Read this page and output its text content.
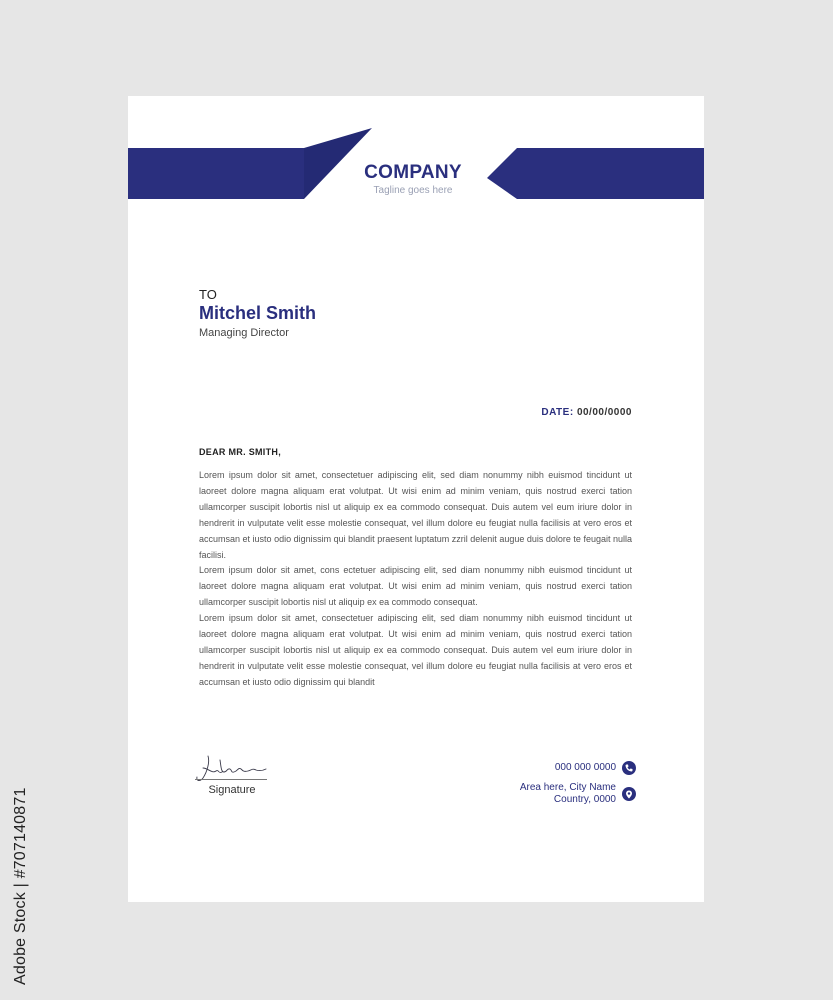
Adobe Stock | #707140871
COMPANY
Tagline goes here
TO
Mitchel Smith
Managing Director
DATE: 00/00/0000
DEAR MR. SMITH,

Lorem ipsum dolor sit amet, consectetuer adipiscing elit, sed diam nonummy nibh euismod tincidunt ut laoreet dolore magna aliquam erat volutpat. Ut wisi enim ad minim veniam, quis nostrud exerci tation ullamcorper suscipit lobortis nisl ut aliquip ex ea commodo consequat. Duis autem vel eum iriure dolor in hendrerit in vulputate velit esse molestie consequat, vel illum dolore eu feugiat nulla facilisis at vero eros et accumsan et iusto odio dignissim qui blandit praesent luptatum zzril delenit augue duis dolore te feugait nulla facilisi.

Lorem ipsum dolor sit amet, cons ectetuer adipiscing elit, sed diam nonummy nibh euismod tincidunt ut laoreet dolore magna aliquam erat volutpat. Ut wisi enim ad minim veniam, quis nostrud exerci tation ullamcorper suscipit lobortis nisl ut aliquip ex ea commodo consequat.

Lorem ipsum dolor sit amet, consectetuer adipiscing elit, sed diam nonummy nibh euismod tincidunt ut laoreet dolore magna aliquam erat volutpat. Ut wisi enim ad minim veniam, quis nostrud exerci tation ullamcorper suscipit lobortis nisl ut aliquip ex ea commodo consequat. Duis autem vel eum iriure dolor in hendrerit in vulputate velit esse molestie consequat, vel illum dolore eu feugiat nulla facilisis at vero eros et accumsan et iusto odio dignissim qui blandit

Signature
000 000 0000
Area here, City Name
Country, 0000
